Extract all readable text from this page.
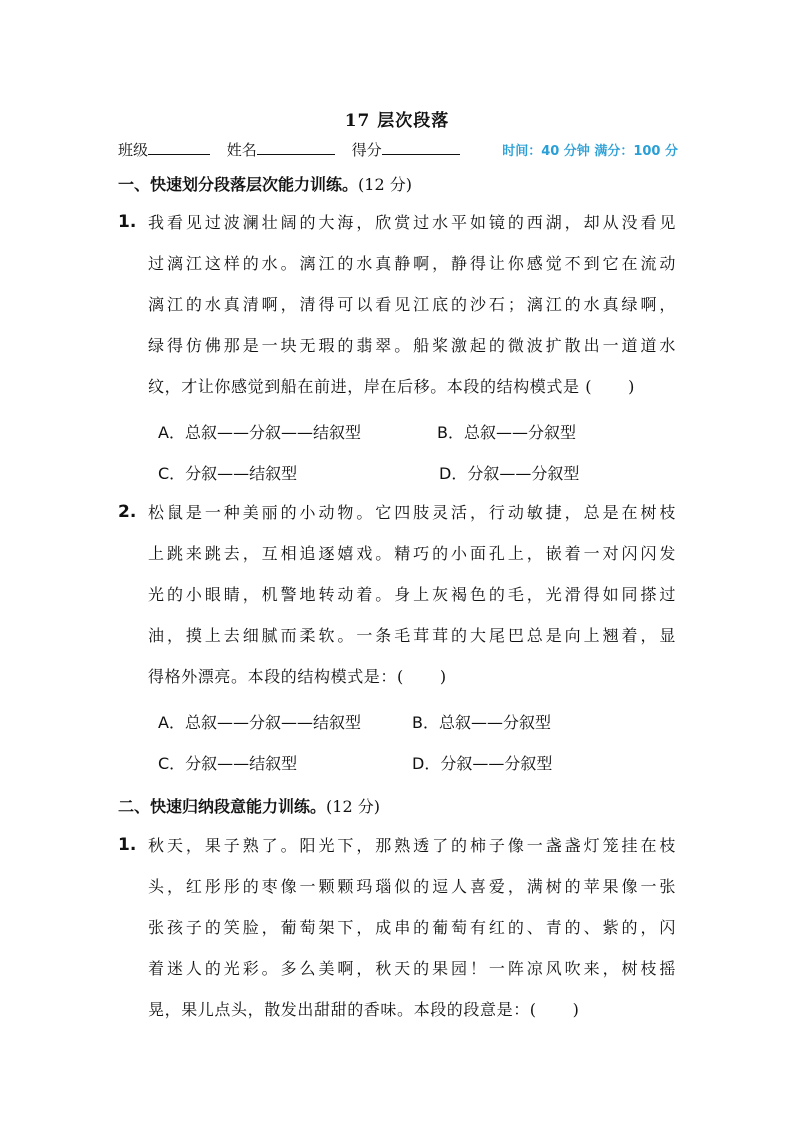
17 层次段落
班级	姓名	得分	时间：40 分钟 满分：100 分
一、快速划分段落层次能力训练。(12 分)
1. 我看见过波澜壮阔的大海，欣赏过水平如镜的西湖，却从没看见
过漓江这样的水。漓江的水真静啊，静得让你感觉不到它在流动
漓江的水真清啊，清得可以看见江底的沙石；漓江的水真绿啊，
绿得仿佛那是一块无瑕的翡翠。船桨激起的微波扩散出一道道水
纹，才让你感觉到船在前进，岸在后移。本段的结构模式是 ( )
A．总叙——分叙——结叙型	B．总叙——分叙型
C．分叙——结叙型	D．分叙——分叙型
2. 松鼠是一种美丽的小动物。它四肢灵活，行动敏捷，总是在树枝
上跳来跳去，互相追逐嬉戏。精巧的小面孔上，嵌着一对闪闪发
光的小眼睛，机警地转动着。身上灰褐色的毛，光滑得如同搽过
油，摸上去细腻而柔软。一条毛茸茸的大尾巴总是向上翘着，显
得格外漂亮。本段的结构模式是：( )
A．总叙——分叙——结叙型	B．总叙——分叙型
C．分叙——结叙型	D．分叙——分叙型
二、快速归纳段意能力训练。(12 分)
1. 秋天，果子熟了。阳光下，那熟透了的柿子像一盏盏灯笼挂在枝
头，红彤彤的枣像一颗颗玛瑙似的逗人喜爱，满树的苹果像一张
张孩子的笑脸，葡萄架下，成串的葡萄有红的、青的、紫的，闪
着迷人的光彩。多么美啊，秋天的果园！一阵凉风吹来，树枝摇
晃，果儿点头，散发出甜甜的香味。本段的段意是：( )
